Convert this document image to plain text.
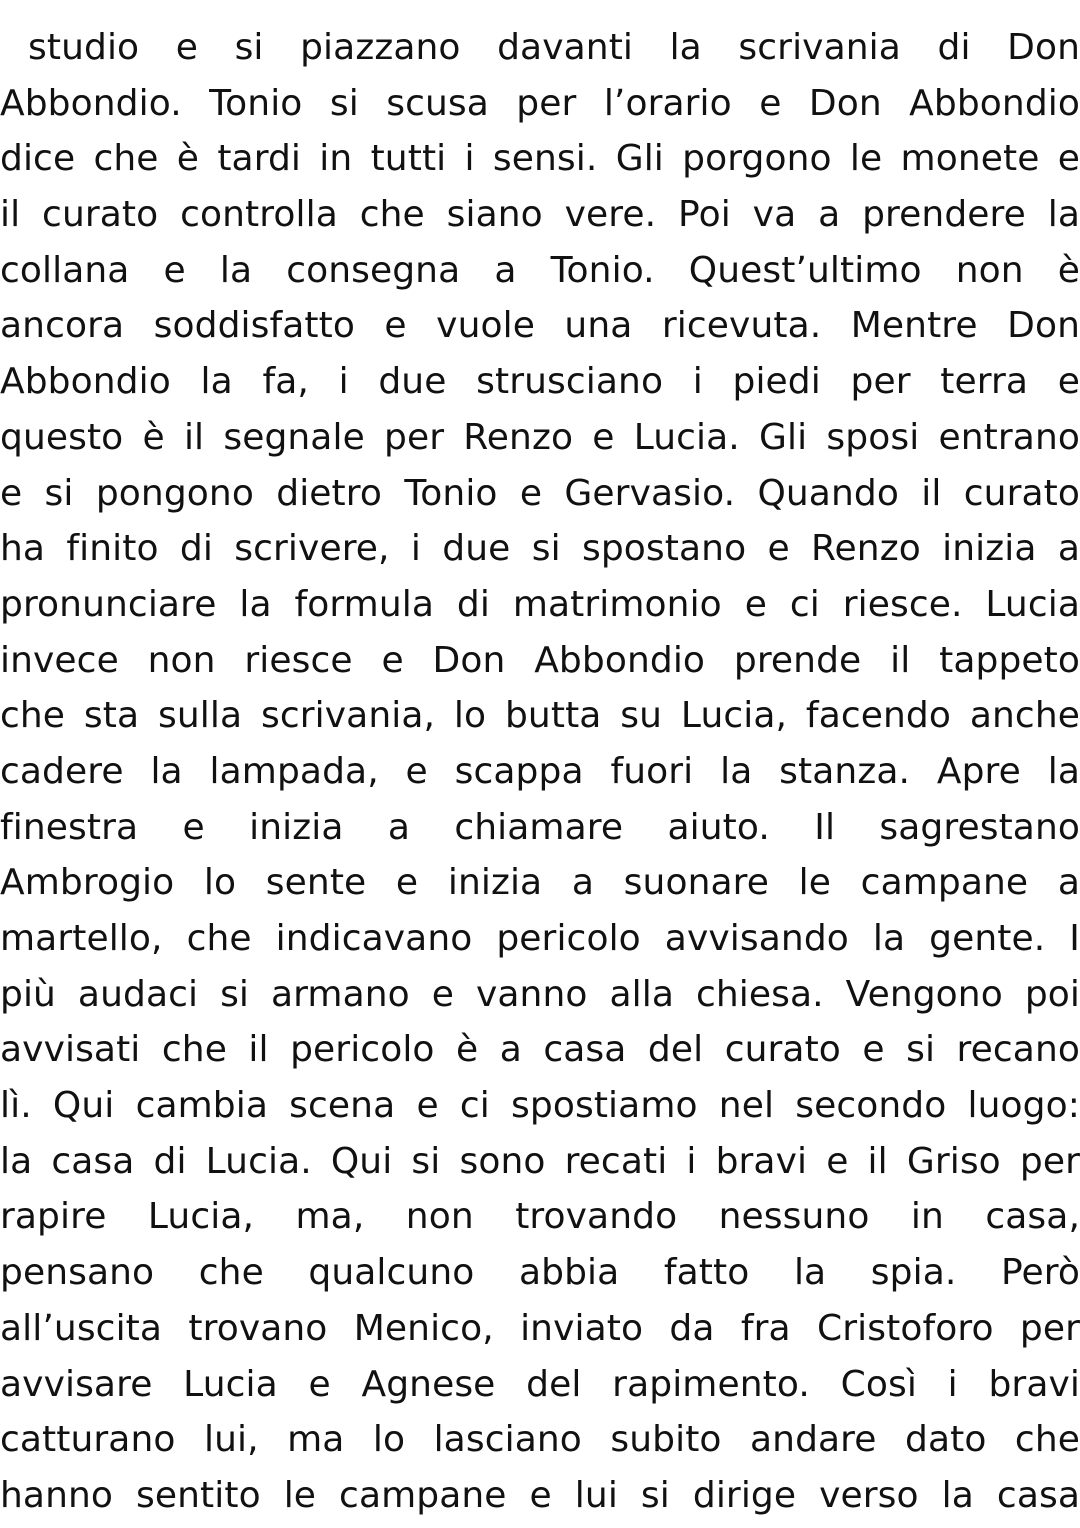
studio e si piazzano davanti la scrivania di Don
Abbondio. Tonio si scusa per l’orario e Don Abbondio
dice che è tardi in tutti i sensi. Gli porgono le monete e
il curato controlla che siano vere. Poi va a prendere la
collana e la consegna a Tonio. Quest’ultimo non è
ancora soddisfatto e vuole una ricevuta. Mentre Don
Abbondio la fa, i due strusciano i piedi per terra e
questo è il segnale per Renzo e Lucia. Gli sposi entrano
e si pongono dietro Tonio e Gervasio. Quando il curato
ha finito di scrivere, i due si spostano e Renzo inizia a
pronunciare la formula di matrimonio e ci riesce. Lucia
invece non riesce e Don Abbondio prende il tappeto
che sta sulla scrivania, lo butta su Lucia, facendo anche
cadere la lampada, e scappa fuori la stanza. Apre la
finestra e inizia a chiamare aiuto. Il sagrestano
Ambrogio lo sente e inizia a suonare le campane a
martello, che indicavano pericolo avvisando la gente. I
più audaci si armano e vanno alla chiesa. Vengono poi
avvisati che il pericolo è a casa del curato e si recano
lì. Qui cambia scena e ci spostiamo nel secondo luogo:
la casa di Lucia. Qui si sono recati i bravi e il Griso per
rapire Lucia, ma, non trovando nessuno in casa,
pensano che qualcuno abbia fatto la spia. Però
all’uscita trovano Menico, inviato da fra Cristoforo per
avvisare Lucia e Agnese del rapimento. Così i bravi
catturano lui, ma lo lasciano subito andare dato che
hanno sentito le campane e lui si dirige verso la casa
